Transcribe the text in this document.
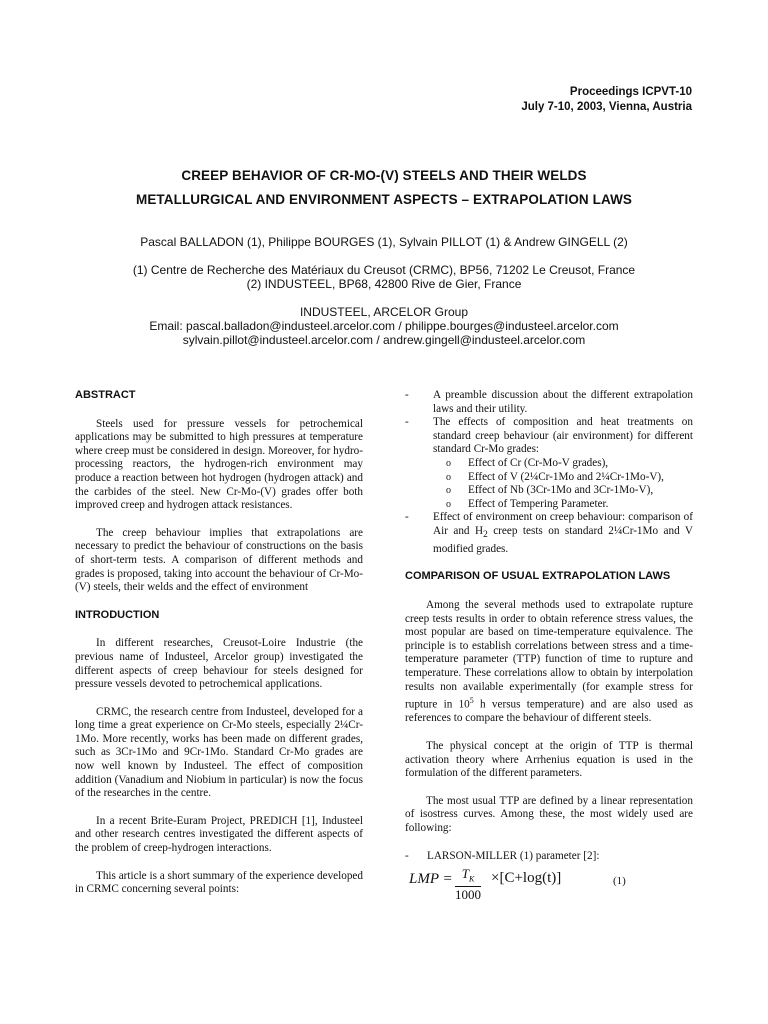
Proceedings ICPVT-10
July 7-10, 2003, Vienna, Austria
CREEP BEHAVIOR OF CR-MO-(V) STEELS AND THEIR WELDS
METALLURGICAL AND ENVIRONMENT ASPECTS – EXTRAPOLATION LAWS
Pascal BALLADON (1), Philippe BOURGES (1), Sylvain PILLOT (1) & Andrew GINGELL (2)
(1) Centre de Recherche des Matériaux du Creusot (CRMC), BP56, 71202 Le Creusot, France
(2) INDUSTEEL, BP68, 42800 Rive de Gier, France
INDUSTEEL, ARCELOR Group
Email: pascal.balladon@industeel.arcelor.com / philippe.bourges@industeel.arcelor.com
sylvain.pillot@industeel.arcelor.com / andrew.gingell@industeel.arcelor.com
ABSTRACT

Steels used for pressure vessels for petrochemical applications may be submitted to high pressures at temperature where creep must be considered in design. Moreover, for hydro-processing reactors, the hydrogen-rich environment may produce a reaction between hot hydrogen (hydrogen attack) and the carbides of the steel. New Cr-Mo-(V) grades offer both improved creep and hydrogen attack resistances.

The creep behaviour implies that extrapolations are necessary to predict the behaviour of constructions on the basis of short-term tests. A comparison of different methods and grades is proposed, taking into account the behaviour of Cr-Mo-(V) steels, their welds and the effect of environment

INTRODUCTION

In different researches, Creusot-Loire Industrie (the previous name of Industeel, Arcelor group) investigated the different aspects of creep behaviour for steels designed for pressure vessels devoted to petrochemical applications.

CRMC, the research centre from Industeel, developed for a long time a great experience on Cr-Mo steels, especially 2¼Cr-1Mo. More recently, works has been made on different grades, such as 3Cr-1Mo and 9Cr-1Mo. Standard Cr-Mo grades are now well known by Industeel. The effect of composition addition (Vanadium and Niobium in particular) is now the focus of the researches in the centre.

In a recent Brite-Euram Project, PREDICH [1], Industeel and other research centres investigated the different aspects of the problem of creep-hydrogen interactions.

This article is a short summary of the experience developed in CRMC concerning several points:

- A preamble discussion about the different extrapolation laws and their utility.
- The effects of composition and heat treatments on standard creep behaviour (air environment) for different standard Cr-Mo grades:
o Effect of Cr (Cr-Mo-V grades),
o Effect of V (2¼Cr-1Mo and 2¼Cr-1Mo-V),
o Effect of Nb (3Cr-1Mo and 3Cr-1Mo-V),
o Effect of Tempering Parameter.
- Effect of environment on creep behaviour: comparison of Air and $H_2$ creep tests on standard 2¼Cr-1Mo and V modified grades.
COMPARISON OF USUAL EXTRAPOLATION LAWS

Among the several methods used to extrapolate rupture creep tests results in order to obtain reference stress values, the most popular are based on time-temperature equivalence. The principle is to establish correlations between stress and a time-temperature parameter (TTP) function of time to rupture and temperature. These correlations allow to obtain by interpolation results non available experimentally (for example stress for rupture in $10^5$ h versus temperature) and are also used as references to compare the behaviour of different steels.

The physical concept at the origin of TTP is thermal activation theory where Arrhenius equation is used in the formulation of the different parameters.

The most usual TTP are defined by a linear representation of isostress curves. Among these, the most widely used are following:

- LARSON-MILLER (1) parameter [2]:
LMP = $\frac{T_K}{1000} \times[C+\log(t)]$	(1)
